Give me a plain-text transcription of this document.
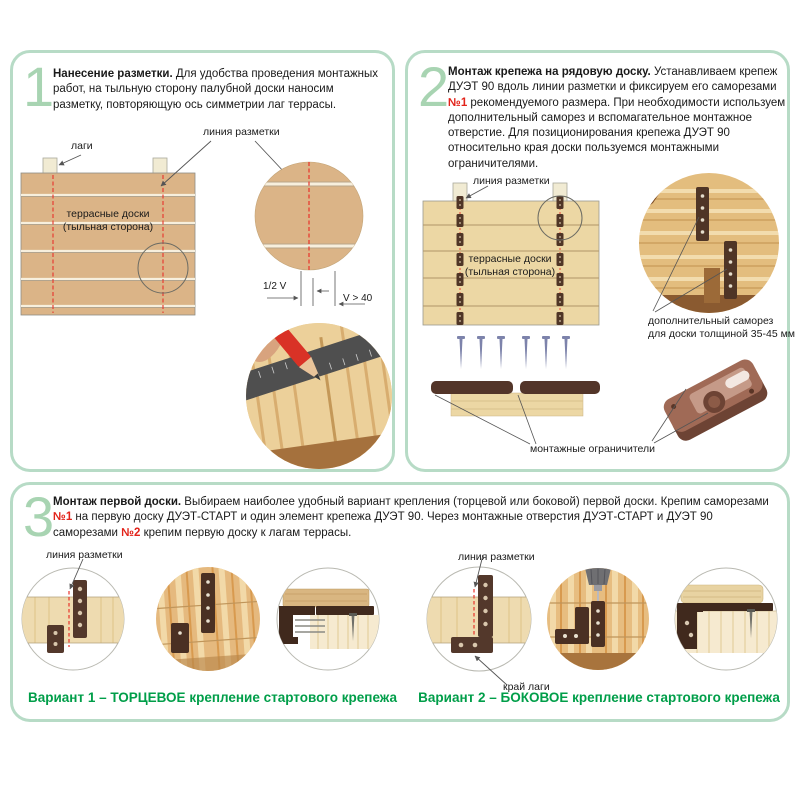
1
Нанесение разметки. Для удобства проведения монтажных работ, на тыльную сторону палубной доски наносим разметку, повторяющую ось симметрии лаг террасы.
лаги
линия разметки
террасные доски
(тыльная сторона)
1/2 V
V > 40
2
Монтаж крепежа на рядовую доску. Устанавливаем крепеж ДУЭТ 90 вдоль линии разметки и фиксируем его саморезами №1 рекомендуемого размера. При необходимости используем дополнительный саморез и вспомагательное монтажное отверстие. Для позиционирования крепежа ДУЭТ 90 относительно края доски пользуемся монтажными ограничителями.
линия разметки
террасные доски
(тыльная сторона)
дополнительный саморез
для доски толщиной 35-45 мм
монтажные ограничители
3
Монтаж первой доски. Выбираем наиболее удобный вариант крепления (торцевой или боковой) первой доски. Крепим саморезами №1 на первую доску ДУЭТ-СТАРТ и один элемент крепежа ДУЭТ 90. Через монтажные отверстия ДУЭТ-СТАРТ и ДУЭТ 90 саморезами №2 крепим первую доску к лагам террасы.
линия разметки	линия разметки
край лаги
Вариант 1 – ТОРЦЕВОЕ крепление стартового крепежа	Вариант 2 – БОКОВОЕ крепление стартового крепежа
